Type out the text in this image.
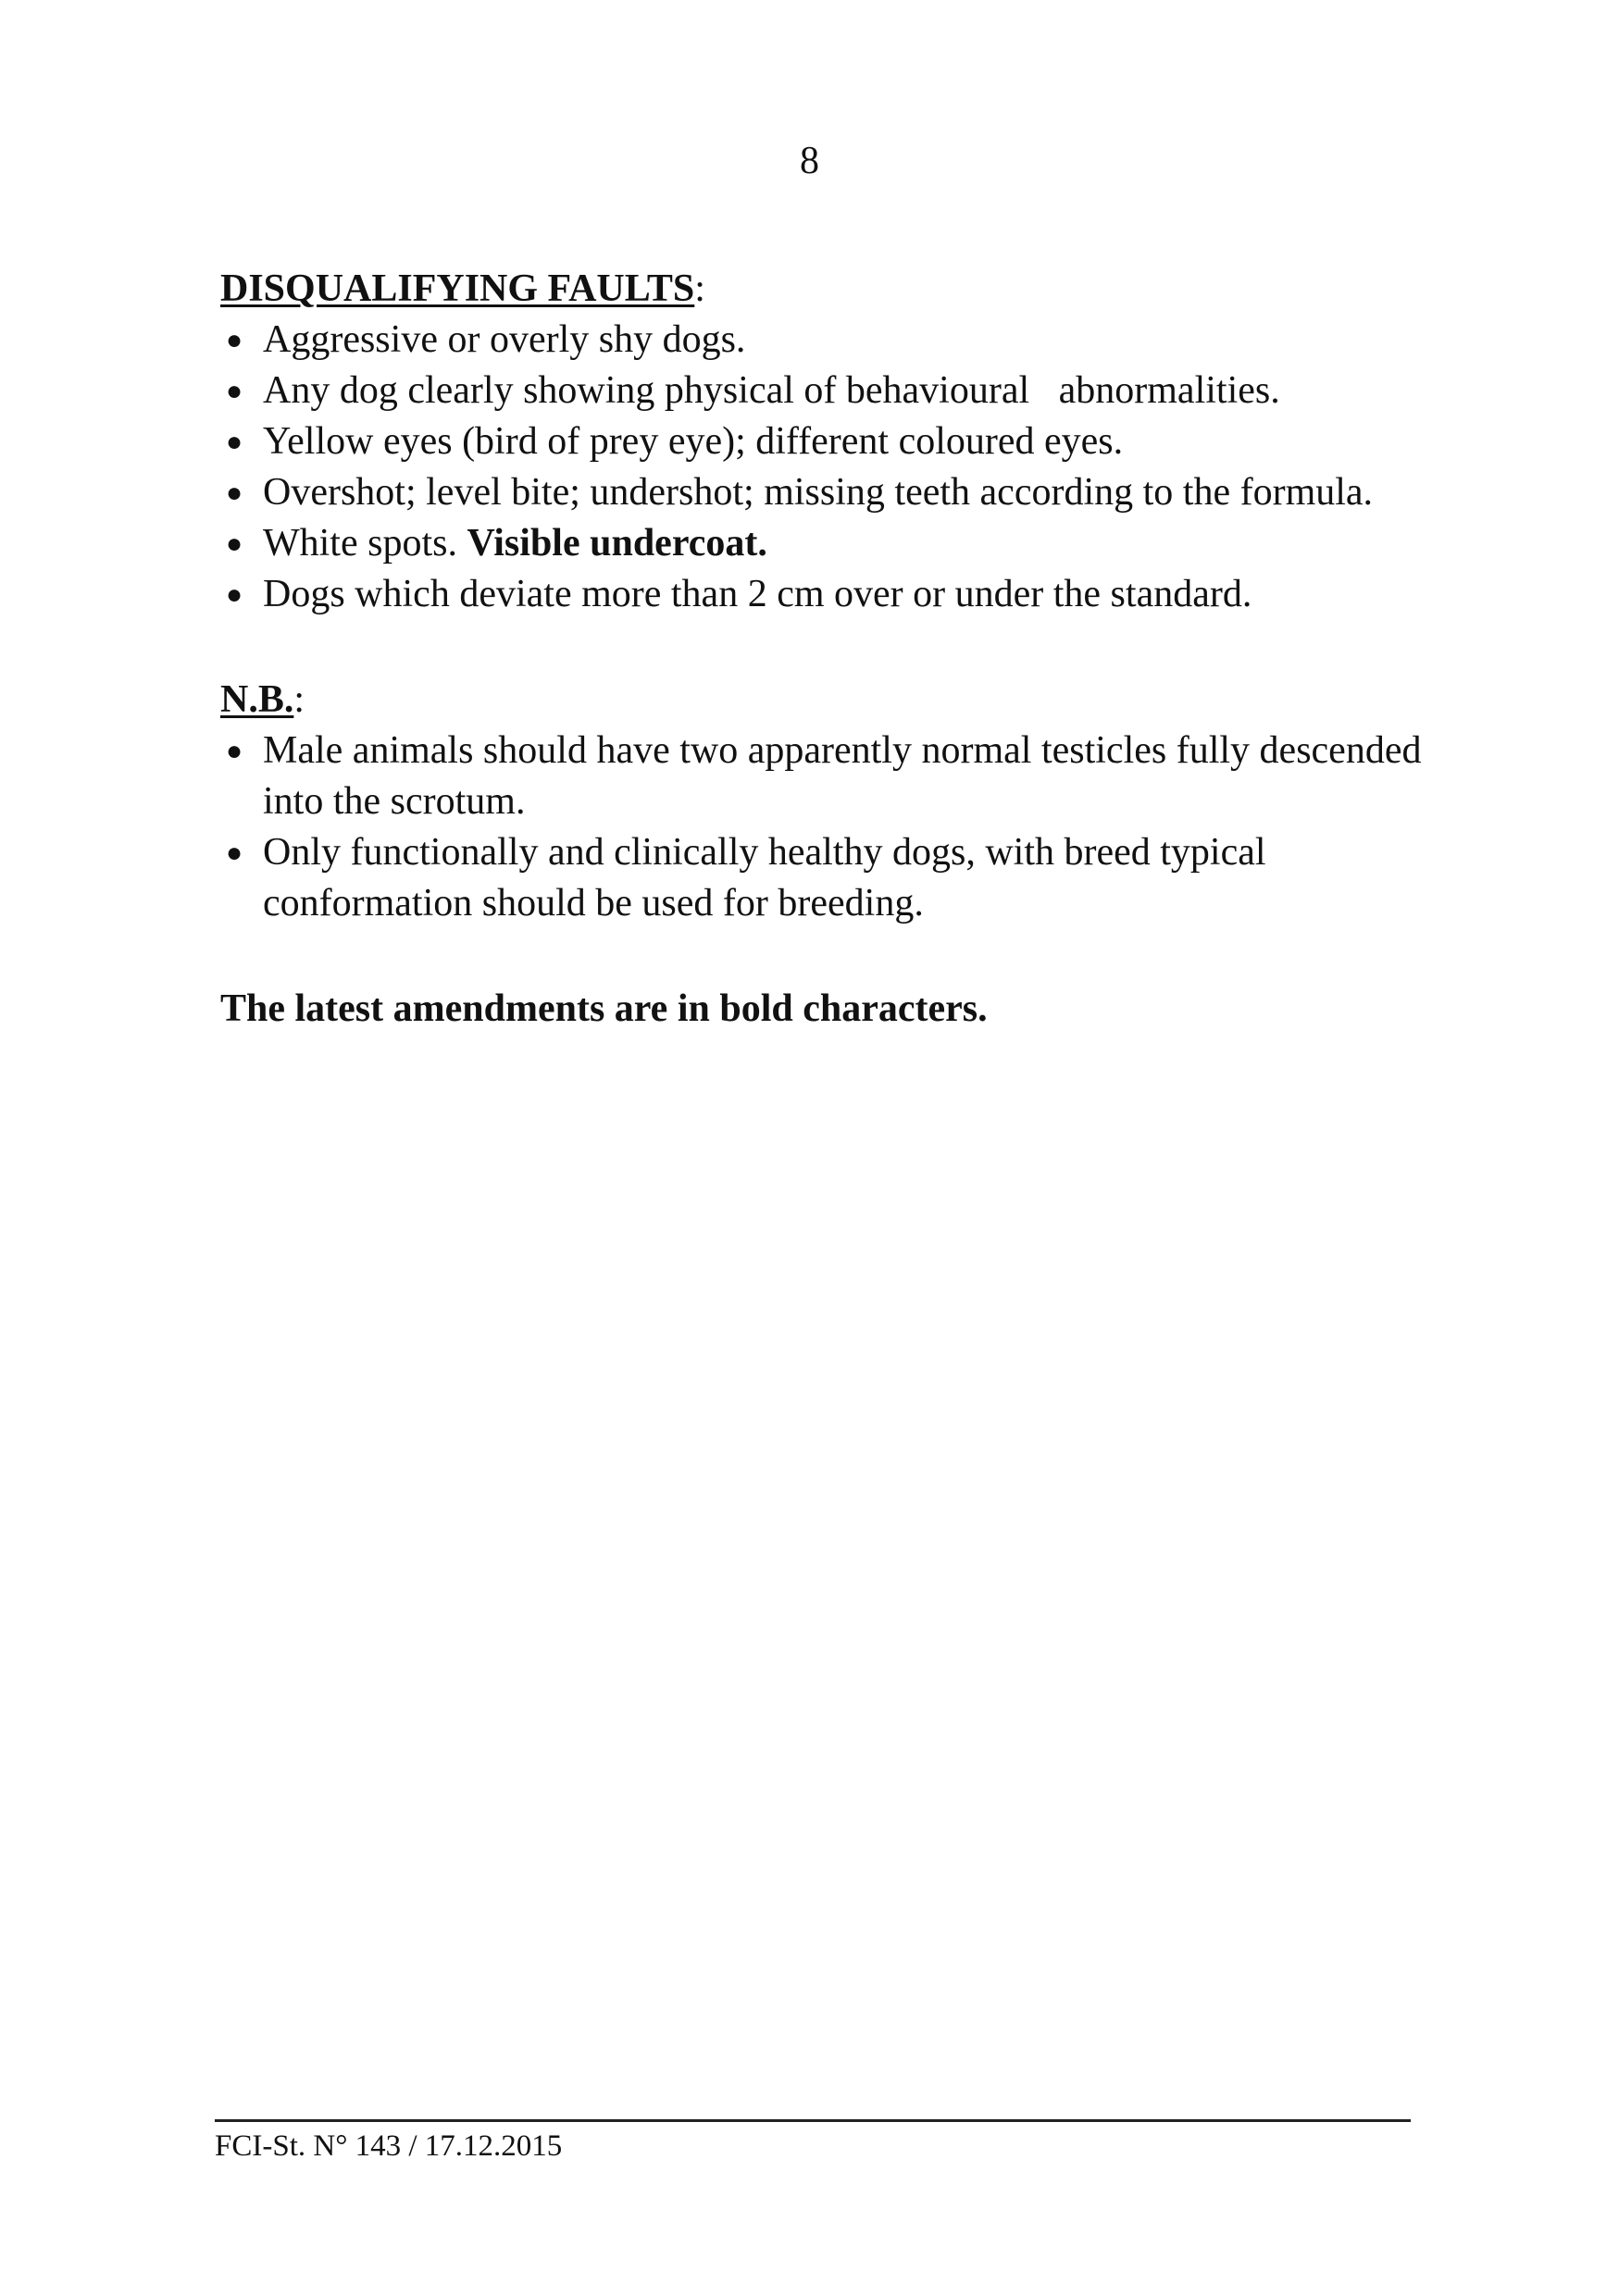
8
DISQUALIFYING FAULTS:
● Aggressive or overly shy dogs.
● Any dog clearly showing physical of behavioural   abnormalities.
● Yellow eyes (bird of prey eye); different coloured eyes.
● Overshot; level bite; undershot; missing teeth according to the formula.
● White spots. Visible undercoat.
● Dogs which deviate more than 2 cm over or under the standard.
N.B.:
● Male animals should have two apparently normal testicles fully descended into the scrotum.
● Only functionally and clinically healthy dogs, with breed typical conformation should be used for breeding.

The latest amendments are in bold characters.

FCI-St. N° 143 / 17.12.2015
